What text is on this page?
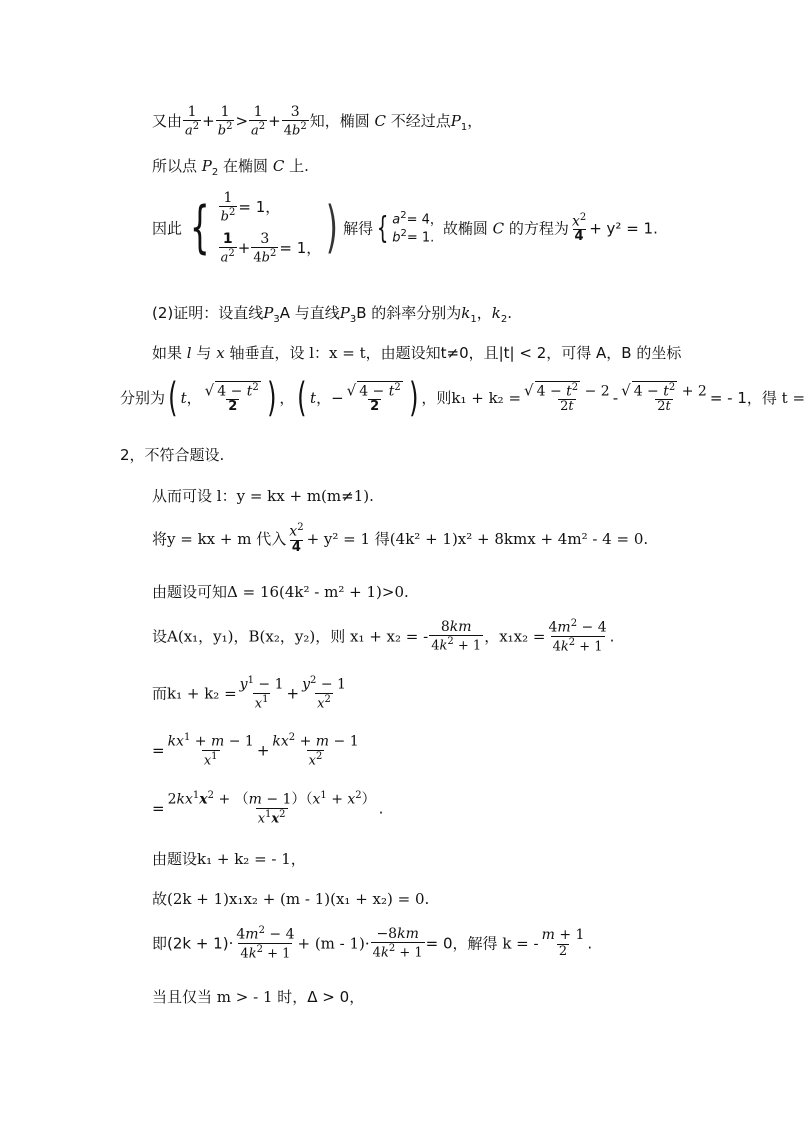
又由 $\frac{1}{a^2} + \frac{1}{b^2} > \frac{1}{a^2} + \frac{3}{4b^2}$ 知，椭圆 C 不经过点$P_1$，
所以点 $P_2$ 在椭圆 C 上.
因此 { $\frac{1}{b^2} = 1$，
$\frac{1}{a^2} + \frac{3}{4b^2} = 1$， ) 解得 { $a^2= 4$，
$b^2= 1$.
故椭圆 C 的方程为 $\frac{x^2}{4} + y^2 = 1$.
(2)证明：设直线$P_3A$ 与直线$P_3B$ 的斜率分别为$k_1$，$k_2$.
如果 l 与 x 轴垂直，设 l：x = t，由题设知t≠0，且|t| < 2，可得 A，B 的坐标
分别为( t， $\frac{√ 4 - t^2}{2}$ ) ，( t，− $\frac{√ 4 - t^2}{2}$ ) ，则$k_1 + k_2 = \frac{√ 4 - t^2 - 2}{2t} - \frac{√ 4 - t^2 + 2}{2t}$ = - 1，得 t =
2，不符合题设.
从而可设 l：y = kx + m(m≠1).
将y = kx + m 代入 $\frac{x^2}{4} + y^2 = 1$ 得(4k² + 1)x² + 8kmx + 4m² - 4 = 0.
由题设可知Δ = 16(4k² - m² + 1)>0.
设A(x₁，y₁)，B(x₂，y₂)，则 x₁ + x₂ = - $\frac{8km}{4k^2 + 1}$ ，$x_1x_2 = \frac{4m^2 - 4}{4k^2 + 1}$ .
而$k_1 + k_2 = \frac{y^1 - 1}{x^1} + \frac{y^2 - 1}{x^2}$
= $\frac{kx^1 + m - 1}{x^1} + \frac{kx^2 + m - 1}{x^2}$
= $\frac{2kx^1x^2 + (m - 1)(x^1 + x^2)}{x^1x^2}$ .
由题设k₁ + k₂ = - 1，
故(2k + 1)x₁x₂ + (m - 1)(x₁ + x₂) = 0.
即$(2k + 1)\cdot \frac{4m^2 - 4}{4k^2 + 1} + (m - 1)\cdot \frac{-8km}{4k^2 + 1} = 0$，解得 k = - $\frac{m + 1}{2}$ .
当且仅当 m > - 1 时，Δ > 0，
